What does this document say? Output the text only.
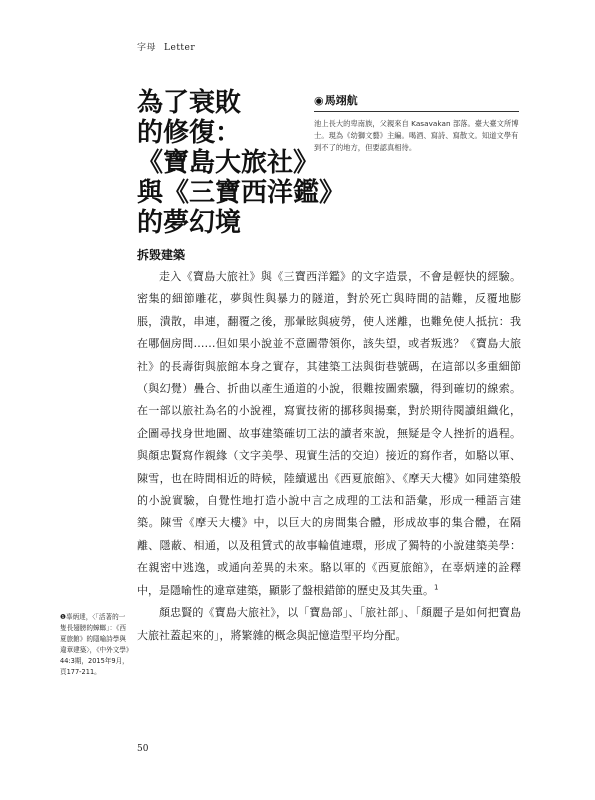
字母 Letter
為了衰敗
的修復：
《寶島大旅社》
與《三寶西洋鑑》
的夢幻境
◉馬翊航
池上長大的卑南族，父親來自 Kasavakan 部落。臺大臺文所博士。現為《幼獅文藝》主編。喝酒、寫詩、寫散文。知道文學有到不了的地方，但要認真相待。
拆毀建築

走入《寶島大旅社》與《三寶西洋鑑》的文字造景，不會是輕快的經驗。密集的細節雕花，夢與性與暴力的隧道，對於死亡與時間的詰難，反覆地膨脹，潰散，串連，翻覆之後，那暈眩與疲勞，使人迷離，也難免使人抵抗：我在哪個房間……但如果小說並不意圖帶領你，該失望，或者叛逃？《寶島大旅社》的長壽街與旅館本身之實存，其建築工法與街巷號碼，在這部以多重細節（與幻覺）疊合、折曲以產生通道的小說，很難按圖索驥，得到確切的線索。在一部以旅社為名的小說裡，寫實技術的挪移與揚棄，對於期待閱讀組織化，企圖尋找身世地圖、故事建築確切工法的讀者來說，無疑是令人挫折的過程。與顏忠賢寫作親緣（文字美學、現實生活的交迫）接近的寫作者，如駱以軍、陳雪，也在時間相近的時候，陸續遞出《西夏旅館》、《摩天大樓》如同建築般的小說實驗，自覺性地打造小說中言之成理的工法和語彙，形成一種語言建築。陳雪《摩天大樓》中，以巨大的房間集合體，形成故事的集合體，在隔離、隱蔽、相通，以及租賃式的故事輪值連環，形成了獨特的小說建築美學：在親密中逃逸，或通向差異的未來。駱以軍的《西夏旅館》，在辜炳達的詮釋中，是隱喻性的違章建築，顯影了盤根錯節的歷史及其失重。$^1$

顏忠賢的《寶島大旅社》，以「寶島部」、「旅社部」、「顏麗子是如何把寶島大旅社蓋起來的」，將繁雜的概念與記憶造型平均分配。

❶辜炳達，〈「活著的一隻長翅膀的蟑螂」：《西夏旅館》的隱喻詩學與違章建築〉，《中外文學》44:3期，2015年9月，頁177-211。
50
